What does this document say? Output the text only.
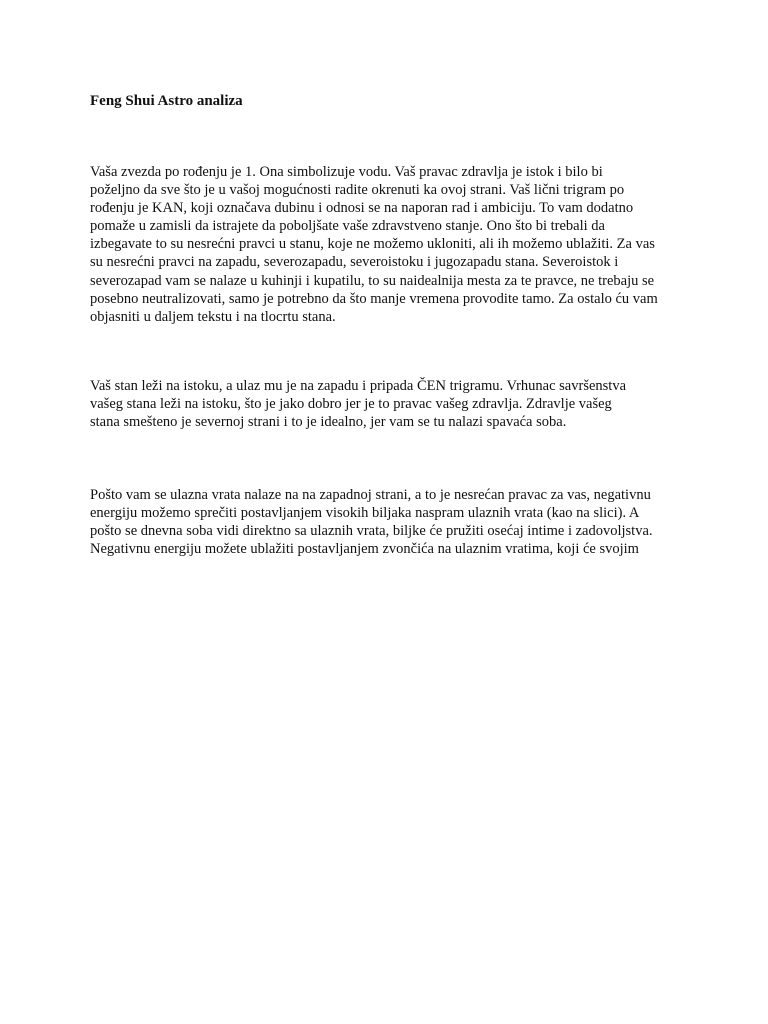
Feng Shui Astro analiza
Vaša zvezda po rođenju je 1. Ona simbolizuje vodu. Vaš pravac zdravlja je istok i bilo bi
poželjno da sve što je u vašoj mogućnosti radite okrenuti ka ovoj strani. Vaš lični trigram po
rođenju je KAN, koji označava dubinu i odnosi se na naporan rad i ambiciju. To vam dodatno
pomaže u zamisli da istrajete da poboljšate vaše zdravstveno stanje. Ono što bi trebali da
izbegavate to su nesrećni pravci u stanu, koje ne možemo ukloniti, ali ih možemo ublažiti. Za vas
su nesrećni pravci na zapadu, severozapadu, severoistoku i jugozapadu stana. Severoistok i
severozapad vam se nalaze u kuhinji i kupatilu, to su naidealnija mesta za te pravce, ne trebaju se
posebno neutralizovati, samo je potrebno da što manje vremena provodite tamo. Za ostalo ću vam
objasniti u daljem tekstu i na tlocrtu stana.
Vaš stan leži na istoku, a ulaz mu je na zapadu i pripada ČEN trigramu. Vrhunac savršenstva
vašeg stana leži na istoku, što je jako dobro jer je to pravac vašeg zdravlja. Zdravlje vašeg
stana smešteno je severnoj strani i to je idealno, jer vam se tu nalazi spavaća soba.
Pošto vam se ulazna vrata nalaze na na zapadnoj strani, a to je nesrećan pravac za vas, negativnu
energiju možemo sprečiti postavljanjem visokih biljaka naspram ulaznih vrata (kao na slici). A
pošto se dnevna soba vidi direktno sa ulaznih vrata, biljke će pružiti osećaj intime i zadovoljstva.
Negativnu energiju možete ublažiti postavljanjem zvončića na ulaznim vratima, koji će svojim
